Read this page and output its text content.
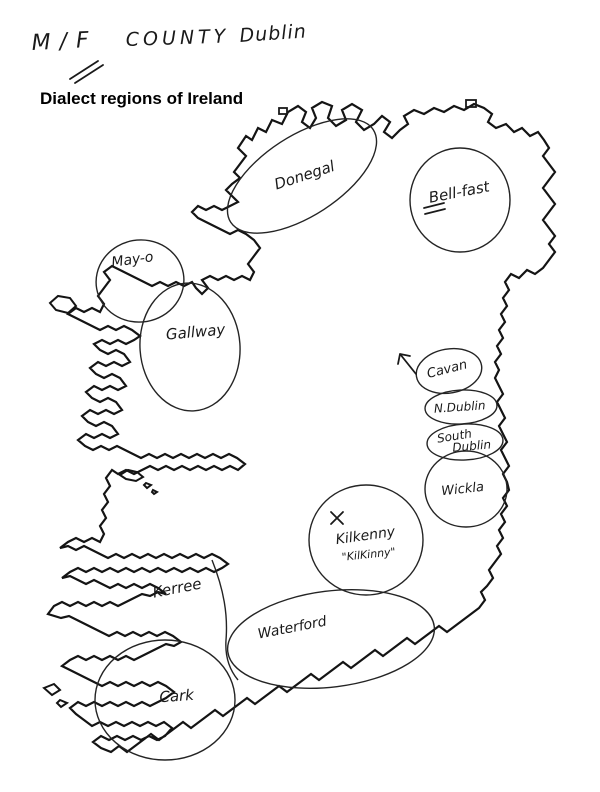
M / F COUNTY Dublin
Dialect regions of Ireland
Donegal	Bell-fast
May-o
Gallway
Cavan
N.Dublin
South
Dublin
Wickla
Kilkenny
"KilKinny"
Kerree
Waterford
Cark
